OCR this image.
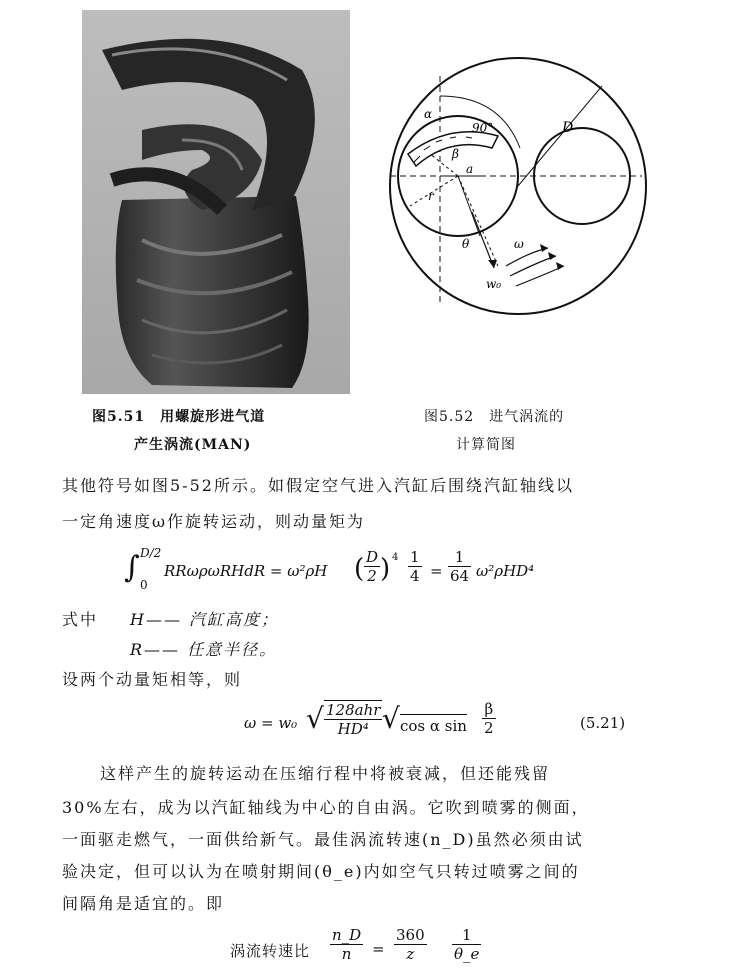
图5.51　用螺旋形进气道
产生涡流(MAN)
α
90°	D
β
a
r
θ	ω
w₀
图5.52　进气涡流的
计算简图
其他符号如图5-52所示。如假定空气进入汽缸后围绕汽缸轴线以
一定角速度ω作旋转运动，则动量矩为
∫ D/2
0
RRωρωRHdR = ω²ρH ( $\frac{D}{2}$ ) $4 \frac{1}{4} = \frac{1}{64} \omega^2\rho HD^4$
式中 H—— 汽缸高度；
R—— 任意半径。
设两个动量矩相等，则
ω = w₀ √ 128ahr
HD⁴ √ cos α $\sin \frac{\beta}{2}$	(5.21)
这样产生的旋转运动在压缩行程中将被衰减，但还能残留
30%左右，成为以汽缸轴线为中心的自由涡。它吹到喷雾的侧面，
一面驱走燃气，一面供给新气。最佳涡流转速(n_D)虽然必须由试
验决定，但可以认为在喷射期间(θ_e)内如空气只转过喷雾之间的
间隔角是适宜的。即
涡流转速比 $\frac{n\_D}{n} = \frac{360}{z} \frac{1}{\theta\_e}$
